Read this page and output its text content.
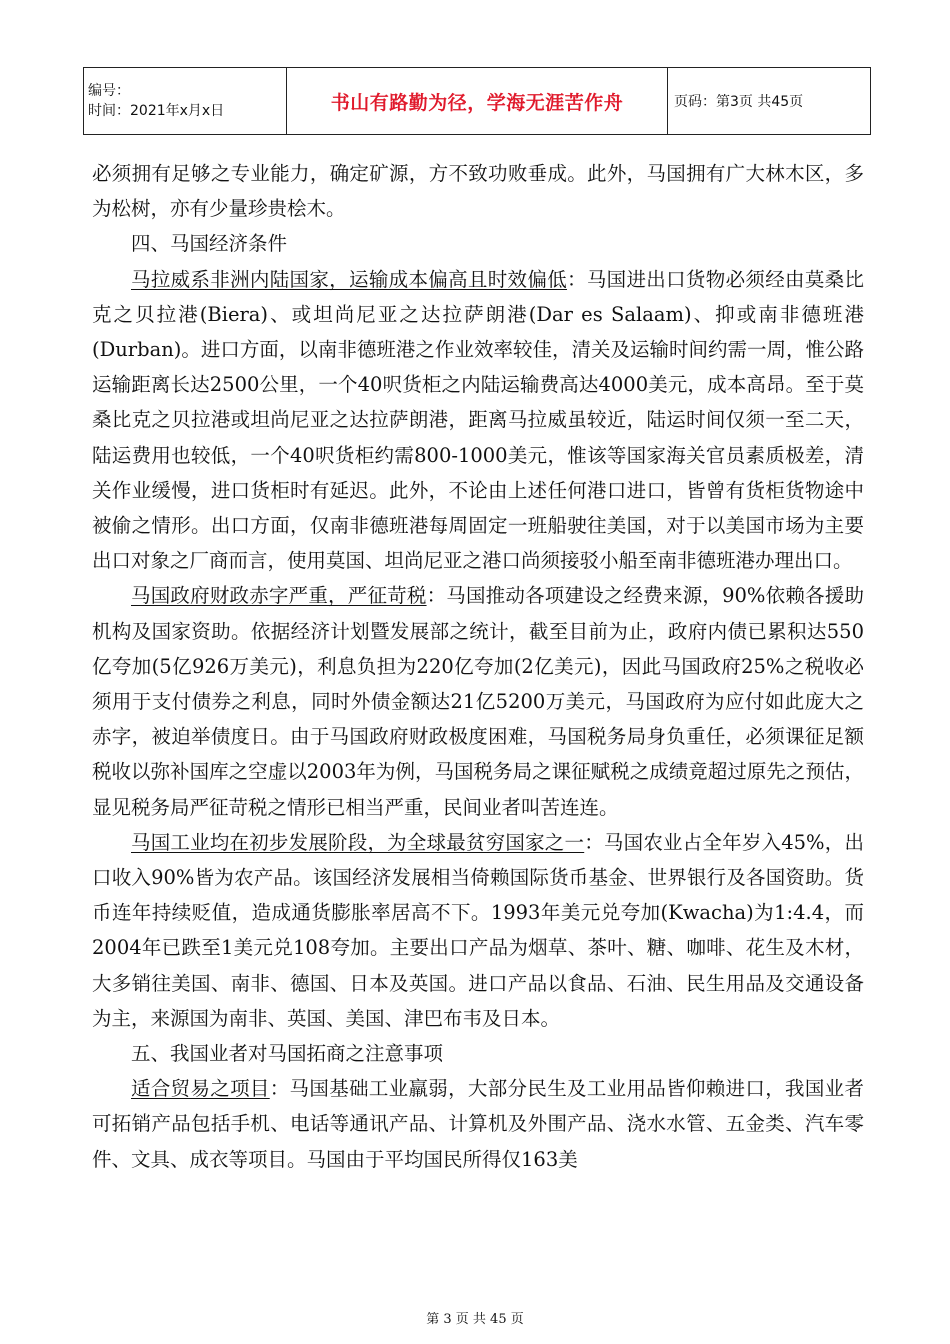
编号：
时间：2021年x月x日	书山有路勤为径，学海无涯苦作舟	页码：第3页 共45页

必须拥有足够之专业能力，确定矿源，方不致功败垂成。此外，马国拥有广大林木区，多为松树，亦有少量珍贵桧木。

四、马国经济条件

马拉威系非洲内陆国家，运输成本偏高且时效偏低：马国进出口货物必须经由莫桑比克之贝拉港(Biera)、或坦尚尼亚之达拉萨朗港(Dar es Salaam)、抑或南非德班港(Durban)。进口方面，以南非德班港之作业效率较佳，清关及运输时间约需一周，惟公路运输距离长达2500公里，一个40呎货柜之内陆运输费高达4000美元，成本高昂。至于莫桑比克之贝拉港或坦尚尼亚之达拉萨朗港，距离马拉威虽较近，陆运时间仅须一至二天，陆运费用也较低，一个40呎货柜约需800-1000美元，惟该等国家海关官员素质极差，清关作业缓慢，进口货柜时有延迟。此外，不论由上述任何港口进口，皆曾有货柜货物途中被偷之情形。出口方面，仅南非德班港每周固定一班船驶往美国，对于以美国市场为主要出口对象之厂商而言，使用莫国、坦尚尼亚之港口尚须接驳小船至南非德班港办理出口。

马国政府财政赤字严重，严征苛税：马国推动各项建设之经费来源，90%依赖各援助机构及国家资助。依据经济计划暨发展部之统计，截至目前为止，政府内债已累积达550亿夸加(5亿926万美元)，利息负担为220亿夸加(2亿美元)，因此马国政府25%之税收必须用于支付债券之利息，同时外债金额达21亿5200万美元，马国政府为应付如此庞大之赤字，被迫举债度日。由于马国政府财政极度困难，马国税务局身负重任，必须课征足额税收以弥补国库之空虚以2003年为例，马国税务局之课征赋税之成绩竟超过原先之预估，显见税务局严征苛税之情形已相当严重，民间业者叫苦连连。

马国工业均在初步发展阶段，为全球最贫穷国家之一：马国农业占全年岁入45%，出口收入90%皆为农产品。该国经济发展相当倚赖国际货币基金、世界银行及各国资助。货币连年持续贬值，造成通货膨胀率居高不下。1993年美元兑夸加(Kwacha)为1:4.4，而2004年已跌至1美元兑108夸加。主要出口产品为烟草、茶叶、糖、咖啡、花生及木材，大多销往美国、南非、德国、日本及英国。进口产品以食品、石油、民生用品及交通设备为主，来源国为南非、英国、美国、津巴布韦及日本。

五、我国业者对马国拓商之注意事项

适合贸易之项目：马国基础工业羸弱，大部分民生及工业用品皆仰赖进口，我国业者可拓销产品包括手机、电话等通讯产品、计算机及外围产品、浇水水管、五金类、汽车零件、文具、成衣等项目。马国由于平均国民所得仅163美

第 3 页 共 45 页
